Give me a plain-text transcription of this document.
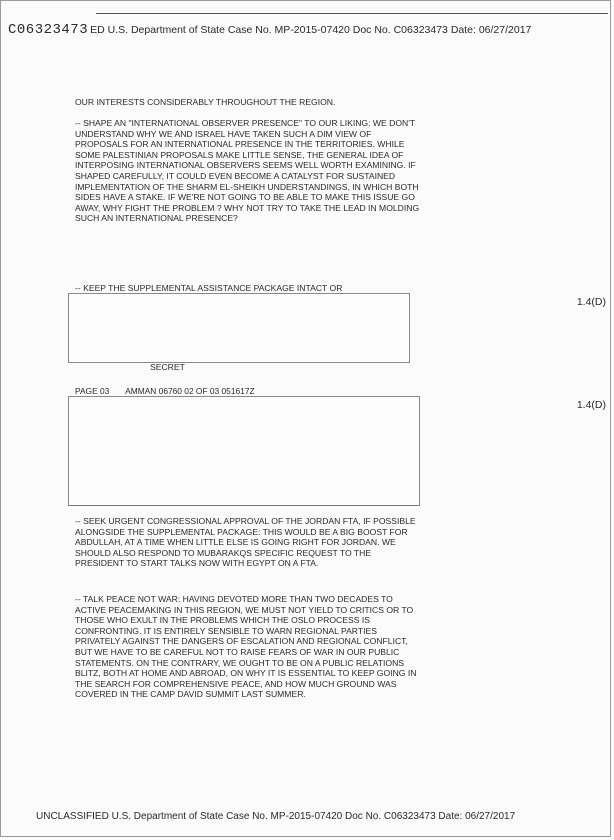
C06323473 ED U.S. Department of State Case No. MP-2015-07420 Doc No. C06323473 Date: 06/27/2017
OUR INTERESTS CONSIDERABLY THROUGHOUT THE REGION.
-- SHAPE AN "INTERNATIONAL OBSERVER PRESENCE" TO OUR LIKING: WE DON'T UNDERSTAND WHY WE AND ISRAEL HAVE TAKEN SUCH A DIM VIEW OF PROPOSALS FOR AN INTERNATIONAL PRESENCE IN THE TERRITORIES. WHILE SOME PALESTINIAN PROPOSALS MAKE LITTLE SENSE, THE GENERAL IDEA OF INTERPOSING INTERNATIONAL OBSERVERS SEEMS WELL WORTH EXAMINING. IF SHAPED CAREFULLY, IT COULD EVEN BECOME A CATALYST FOR SUSTAINED IMPLEMENTATION OF THE SHARM EL-SHEIKH UNDERSTANDINGS, IN WHICH BOTH SIDES HAVE A STAKE. IF WE'RE NOT GOING TO BE ABLE TO MAKE THIS ISSUE GO AWAY, WHY FIGHT THE PROBLEM ? WHY NOT TRY TO TAKE THE LEAD IN MOLDING SUCH AN INTERNATIONAL PRESENCE?
-- KEEP THE SUPPLEMENTAL ASSISTANCE PACKAGE INTACT OR
1.4(D)
SECRET
PAGE 03 AMMAN 06760 02 OF 03 051617Z
1.4(D)
-- SEEK URGENT CONGRESSIONAL APPROVAL OF THE JORDAN FTA, IF POSSIBLE ALONGSIDE THE SUPPLEMENTAL PACKAGE: THIS WOULD BE A BIG BOOST FOR ABDULLAH, AT A TIME WHEN LITTLE ELSE IS GOING RIGHT FOR JORDAN. WE SHOULD ALSO RESPOND TO MUBARAKQS SPECIFIC REQUEST TO THE PRESIDENT TO START TALKS NOW WITH EGYPT ON A FTA.
-- TALK PEACE NOT WAR: HAVING DEVOTED MORE THAN TWO DECADES TO ACTIVE PEACEMAKING IN THIS REGION, WE MUST NOT YIELD TO CRITICS OR TO THOSE WHO EXULT IN THE PROBLEMS WHICH THE OSLO PROCESS IS CONFRONTING. IT IS ENTIRELY SENSIBLE TO WARN REGIONAL PARTIES PRIVATELY AGAINST THE DANGERS OF ESCALATION AND REGIONAL CONFLICT, BUT WE HAVE TO BE CAREFUL NOT TO RAISE FEARS OF WAR IN OUR PUBLIC STATEMENTS. ON THE CONTRARY, WE OUGHT TO BE ON A PUBLIC RELATIONS BLITZ, BOTH AT HOME AND ABROAD, ON WHY IT IS ESSENTIAL TO KEEP GOING IN THE SEARCH FOR COMPREHENSIVE PEACE, AND HOW MUCH GROUND WAS COVERED IN THE CAMP DAVID SUMMIT LAST SUMMER.
UNCLASSIFIED U.S. Department of State Case No. MP-2015-07420 Doc No. C06323473 Date: 06/27/2017
